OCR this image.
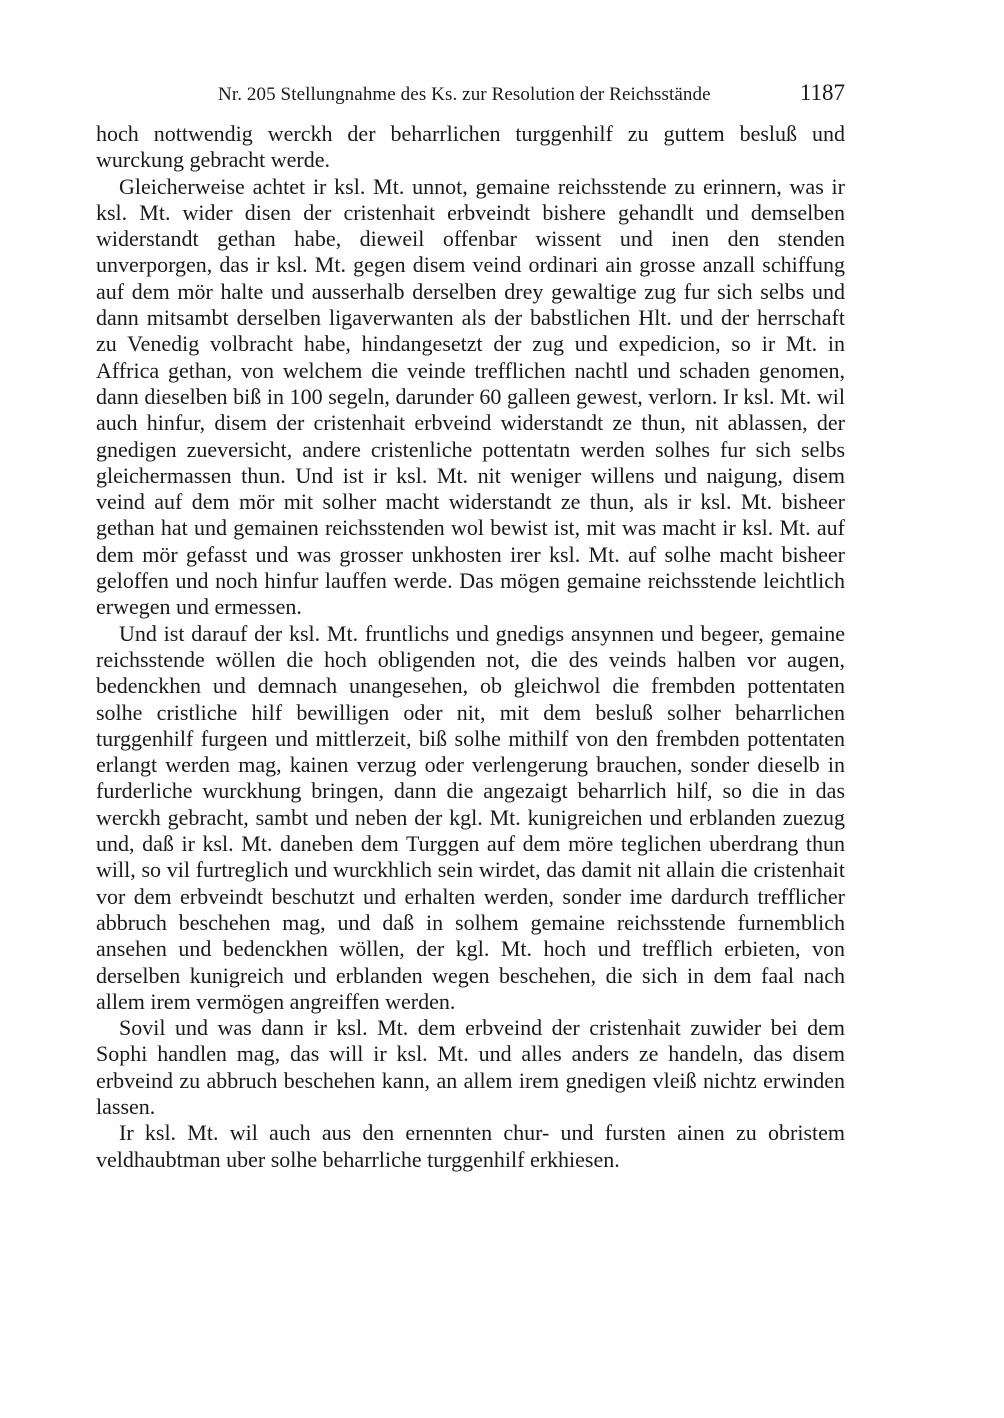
Nr. 205 Stellungnahme des Ks. zur Resolution der Reichsstände	1187

hoch nottwendig werckh der beharrlichen turggenhilf zu guttem besluß und wurckung gebracht werde.

Gleicherweise achtet ir ksl. Mt. unnot, gemaine reichsstende zu erinnern, was ir ksl. Mt. wider disen der cristenhait erbveindt bishere gehandlt und demselben widerstandt gethan habe, dieweil offenbar wissent und inen den stenden unverporgen, das ir ksl. Mt. gegen disem veind ordinari ain grosse anzall schiffung auf dem mör halte und ausserhalb derselben drey gewaltige zug fur sich selbs und dann mitsambt derselben ligaverwanten als der babstlichen Hlt. und der herrschaft zu Venedig volbracht habe, hindangesetzt der zug und expedicion, so ir Mt. in Affrica gethan, von welchem die veinde trefflichen nachtl und schaden genomen, dann dieselben biß in 100 segeln, darunder 60 galleen gewest, verlorn. Ir ksl. Mt. wil auch hinfur, disem der cristenhait erbveind widerstandt ze thun, nit ablassen, der gnedigen zueversicht, andere cristenliche pottentatn werden solhes fur sich selbs gleichermassen thun. Und ist ir ksl. Mt. nit weniger willens und naigung, disem veind auf dem mör mit solher macht widerstandt ze thun, als ir ksl. Mt. bisheer gethan hat und gemainen reichsstenden wol bewist ist, mit was macht ir ksl. Mt. auf dem mör gefasst und was grosser unkhosten irer ksl. Mt. auf solhe macht bisheer geloffen und noch hinfur lauffen werde. Das mögen gemaine reichsstende leichtlich erwegen und ermessen.

Und ist darauf der ksl. Mt. fruntlichs und gnedigs ansynnen und begeer, gemaine reichsstende wöllen die hoch obligenden not, die des veinds halben vor augen, bedenckhen und demnach unangesehen, ob gleichwol die frembden pottentaten solhe cristliche hilf bewilligen oder nit, mit dem besluß solher beharrlichen turggenhilf furgeen und mittlerzeit, biß solhe mithilf von den frembden pottentaten erlangt werden mag, kainen verzug oder verlengerung brauchen, sonder dieselb in furderliche wurckhung bringen, dann die angezaigt beharrlich hilf, so die in das werckh gebracht, sambt und neben der kgl. Mt. kunigreichen und erblanden zuezug und, daß ir ksl. Mt. daneben dem Turggen auf dem möre teglichen uberdrang thun will, so vil furtreglich und wurckhlich sein wirdet, das damit nit allain die cristenhait vor dem erbveindt beschutzt und erhalten werden, sonder ime dardurch trefflicher abbruch beschehen mag, und daß in solhem gemaine reichsstende furnemblich ansehen und bedenckhen wöllen, der kgl. Mt. hoch und trefflich erbieten, von derselben kunigreich und erblanden wegen beschehen, die sich in dem faal nach allem irem vermögen angreiffen werden.

Sovil und was dann ir ksl. Mt. dem erbveind der cristenhait zuwider bei dem Sophi handlen mag, das will ir ksl. Mt. und alles anders ze handeln, das disem erbveind zu abbruch beschehen kann, an allem irem gnedigen vleiß nichtz erwinden lassen.

Ir ksl. Mt. wil auch aus den ernennten chur- und fursten ainen zu obristem veldhaubtman uber solhe beharrliche turggenhilf erkhiesen.
